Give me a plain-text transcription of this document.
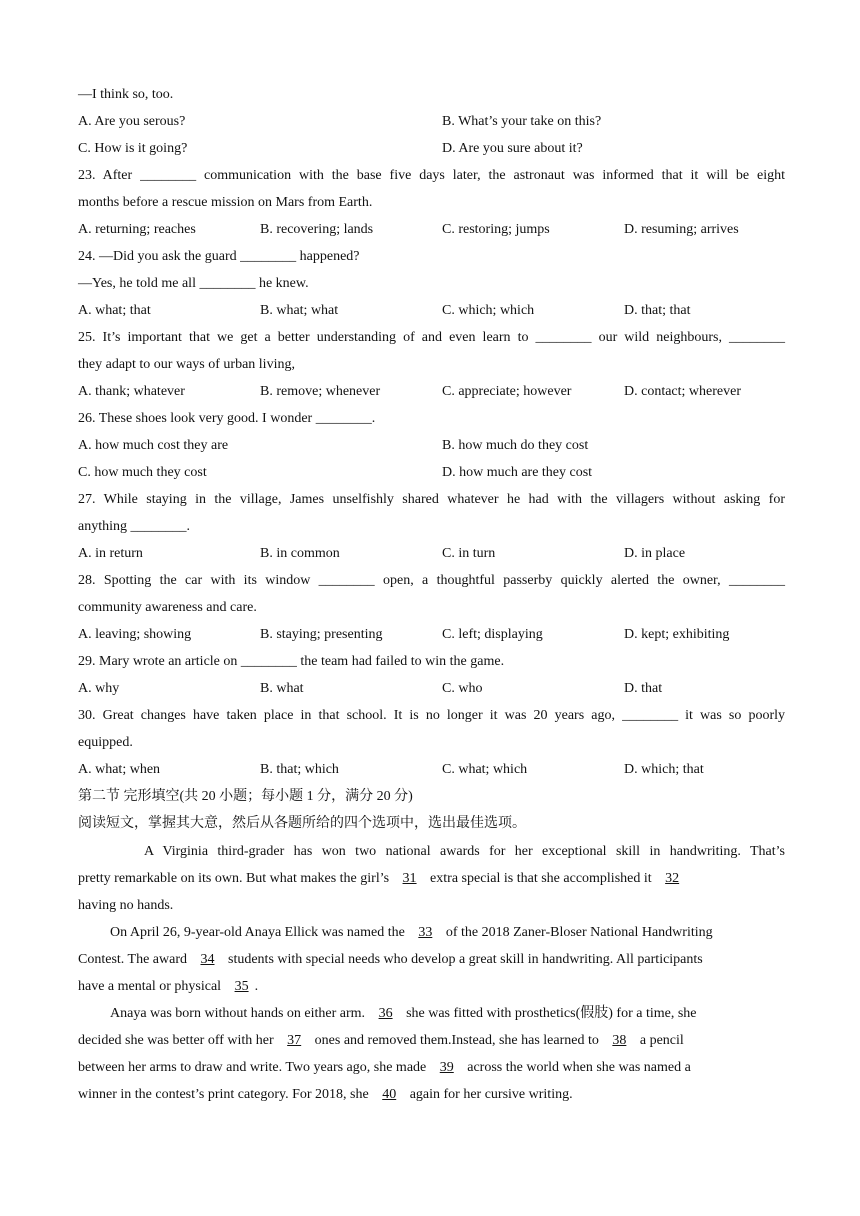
—I think so, too.
A. Are you serous?	B. What’s your take on this?
C. How is it going?	D. Are you sure about it?
23. After ________ communication with the base five days later, the astronaut was informed that it will be eight
months before a rescue mission on Mars from Earth.
A. returning; reaches	B. recovering; lands	C. restoring; jumps	D. resuming; arrives
24. —Did you ask the guard ________ happened?
—Yes, he told me all ________ he knew.
A. what; that	B. what; what	C. which; which	D. that; that
25. It’s important that we get a better understanding of and even learn to ________ our wild neighbours, ________
they adapt to our ways of urban living,
A. thank; whatever	B. remove; whenever	C. appreciate; however	D. contact; wherever
26. These shoes look very good. I wonder ________.
A. how much cost they are	B. how much do they cost
C. how much they cost	D. how much are they cost
27. While staying in the village, James unselfishly shared whatever he had with the villagers without asking for
anything ________.
A. in return	B. in common	C. in turn	D. in place
28. Spotting the car with its window ________ open, a thoughtful passerby quickly alerted the owner, ________
community awareness and care.
A. leaving; showing	B. staying; presenting	C. left; displaying	D. kept; exhibiting
29. Mary wrote an article on ________ the team had failed to win the game.
A. why	B. what	C. who	D. that
30. Great changes have taken place in that school. It is no longer it was 20 years ago, ________ it was so poorly
equipped.
A. what; when	B. that; which	C. what; which	D. which; that
第二节 完形填空(共 20 小题；每小题 1 分，满分 20 分)
阅读短文，掌握其大意，然后从各题所给的四个选项中，选出最佳选项。
A Virginia third-grader has won two national awards for her exceptional skill in handwriting. That’s
pretty remarkable on its own. But what makes the girl’s 31 extra special is that she accomplished it 32
having no hands.
On April 26, 9-year-old Anaya Ellick was named the 33 of the 2018 Zaner-Bloser National Handwriting
Contest. The award 34 students with special needs who develop a great skill in handwriting. All participants
have a mental or physical 35 .
Anaya was born without hands on either arm. 36 she was fitted with prosthetics(假肢) for a time, she
decided she was better off with her 37 ones and removed them.Instead, she has learned to 38 a pencil
between her arms to draw and write. Two years ago, she made 39 across the world when she was named a
winner in the contest’s print category. For 2018, she 40 again for her cursive writing.
